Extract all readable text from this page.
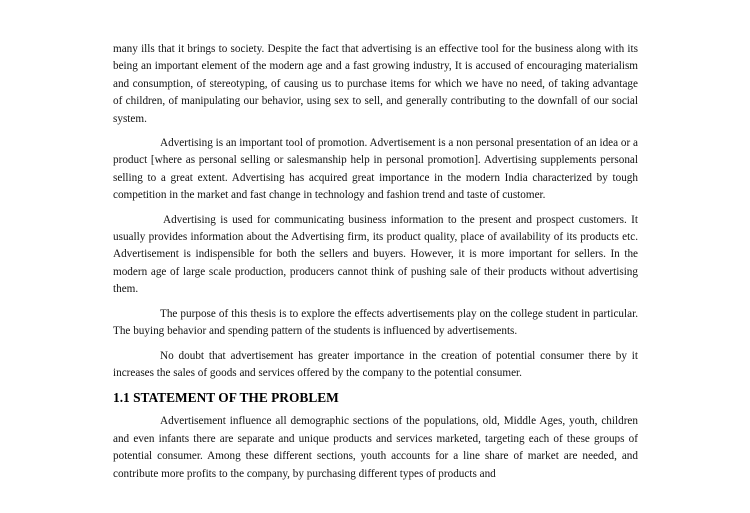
many ills that it brings to society. Despite the fact that advertising is an effective tool for the business along with its being an important element of the modern age and a fast growing industry, It is accused of encouraging materialism and consumption, of stereotyping, of causing us to purchase items for which we have no need, of taking advantage of children, of manipulating our behavior, using sex to sell, and generally contributing to the downfall of our social system.

Advertising is an important tool of promotion. Advertisement is a non personal presentation of an idea or a product [where as personal selling or salesmanship help in personal promotion]. Advertising supplements personal selling to a great extent. Advertising has acquired great importance in the modern India characterized by tough competition in the market and fast change in technology and fashion trend and taste of customer.

Advertising is used for communicating business information to the present and prospect customers. It usually provides information about the Advertising firm, its product quality, place of availability of its products etc. Advertisement is indispensible for both the sellers and buyers. However, it is more important for sellers. In the modern age of large scale production, producers cannot think of pushing sale of their products without advertising them.

The purpose of this thesis is to explore the effects advertisements play on the college student in particular. The buying behavior and spending pattern of the students is influenced by advertisements.

No doubt that advertisement has greater importance in the creation of potential consumer there by it increases the sales of goods and services offered by the company to the potential consumer.

1.1 STATEMENT OF THE PROBLEM

Advertisement influence all demographic sections of the populations, old, Middle Ages, youth, children and even infants there are separate and unique products and services marketed, targeting each of these groups of potential consumer. Among these different sections, youth accounts for a line share of market are needed, and contribute more profits to the company, by purchasing different types of products and
